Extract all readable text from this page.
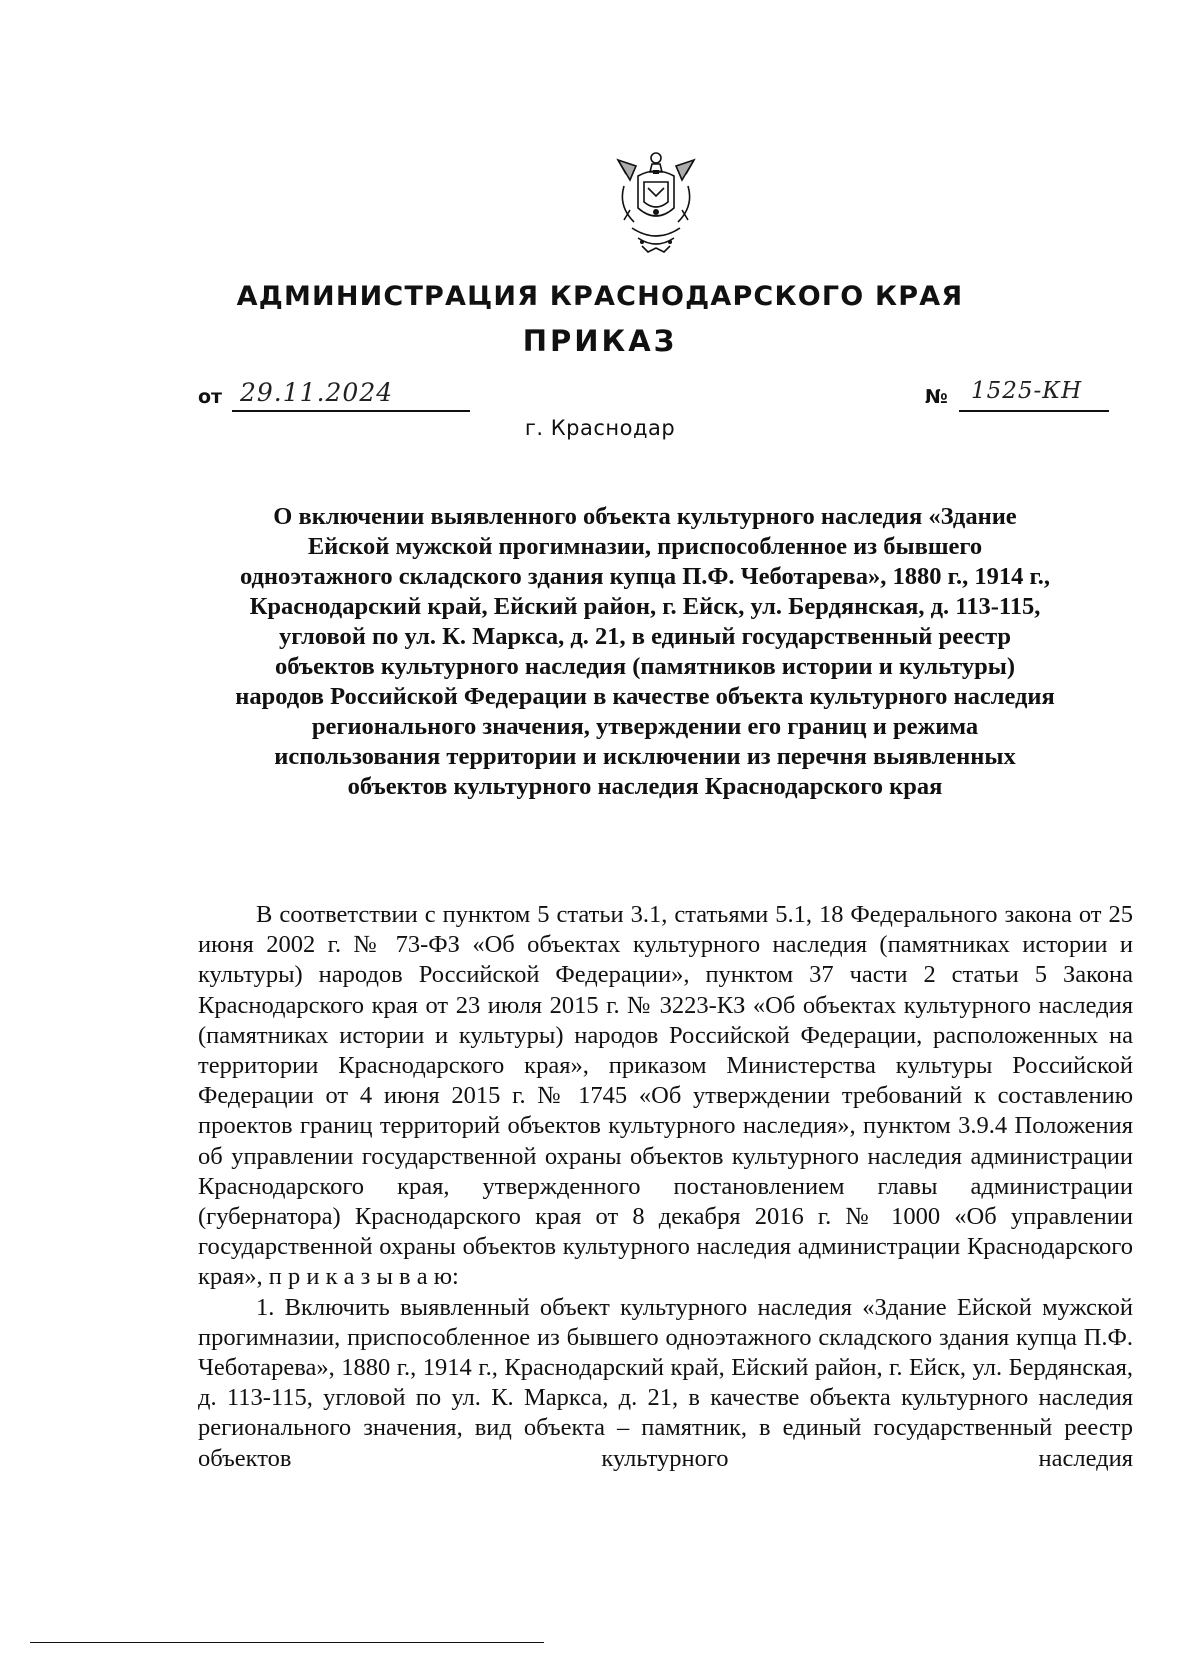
АДМИНИСТРАЦИЯ КРАСНОДАРСКОГО КРАЯ
ПРИКАЗ
от 29.11.2024	№ 1525-КН
г. Краснодар

О включении выявленного объекта культурного наследия «Здание Ейской мужской прогимназии, приспособленное из бывшего одноэтажного складского здания купца П.Ф. Чеботарева», 1880 г., 1914 г., Краснодарский край, Ейский район, г. Ейск, ул. Бердянская, д. 113-115, угловой по ул. К. Маркса, д. 21, в единый государственный реестр объектов культурного наследия (памятников истории и культуры) народов Российской Федерации в качестве объекта культурного наследия регионального значения, утверждении его границ и режима использования территории и исключении из перечня выявленных объектов культурного наследия Краснодарского края

В соответствии с пунктом 5 статьи 3.1, статьями 5.1, 18 Федерального закона от 25 июня 2002 г. № 73-ФЗ «Об объектах культурного наследия (памятниках истории и культуры) народов Российской Федерации», пунктом 37 части 2 статьи 5 Закона Краснодарского края от 23 июля 2015 г. № 3223-КЗ «Об объектах культурного наследия (памятниках истории и культуры) народов Российской Федерации, расположенных на территории Краснодарского края», приказом Министерства культуры Российской Федерации от 4 июня 2015 г. № 1745 «Об утверждении требований к составлению проектов границ территорий объектов культурного наследия», пунктом 3.9.4 Положения об управлении государственной охраны объектов культурного наследия администрации Краснодарского края, утвержденного постановлением главы администрации (губернатора) Краснодарского края от 8 декабря 2016 г. № 1000 «Об управлении государственной охраны объектов культурного наследия администрации Краснодарского края», п р и к а з ы в а ю:

1. Включить выявленный объект культурного наследия «Здание Ейской мужской прогимназии, приспособленное из бывшего одноэтажного складского здания купца П.Ф. Чеботарева», 1880 г., 1914 г., Краснодарский край, Ейский район, г. Ейск, ул. Бердянская, д. 113-115, угловой по ул. К. Маркса, д. 21, в качестве объекта культурного наследия регионального значения, вид объекта – памятник, в единый государственный реестр объектов культурного наследия
